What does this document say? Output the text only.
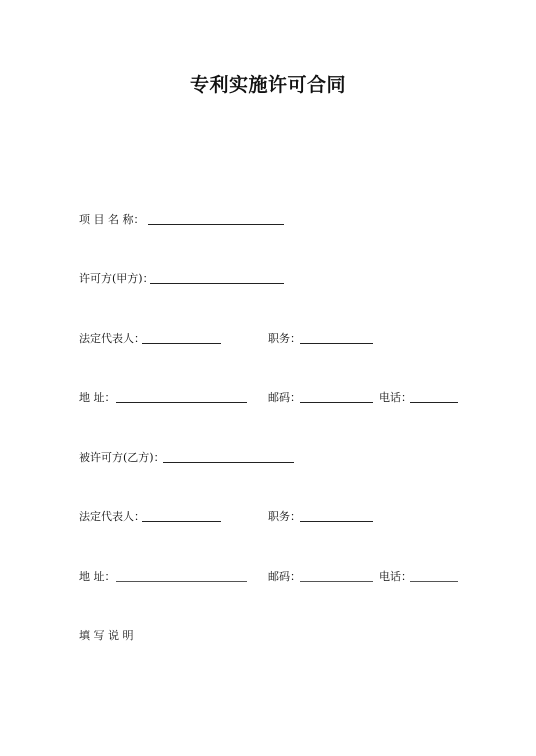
专利实施许可合同
项 目 名 称：
许可方(甲方)：
法定代表人：	职务：
地 址：	邮码：	电话：
被许可方(乙方)：
法定代表人：	职务：
地 址：	邮码：	电话：
填 写 说 明
